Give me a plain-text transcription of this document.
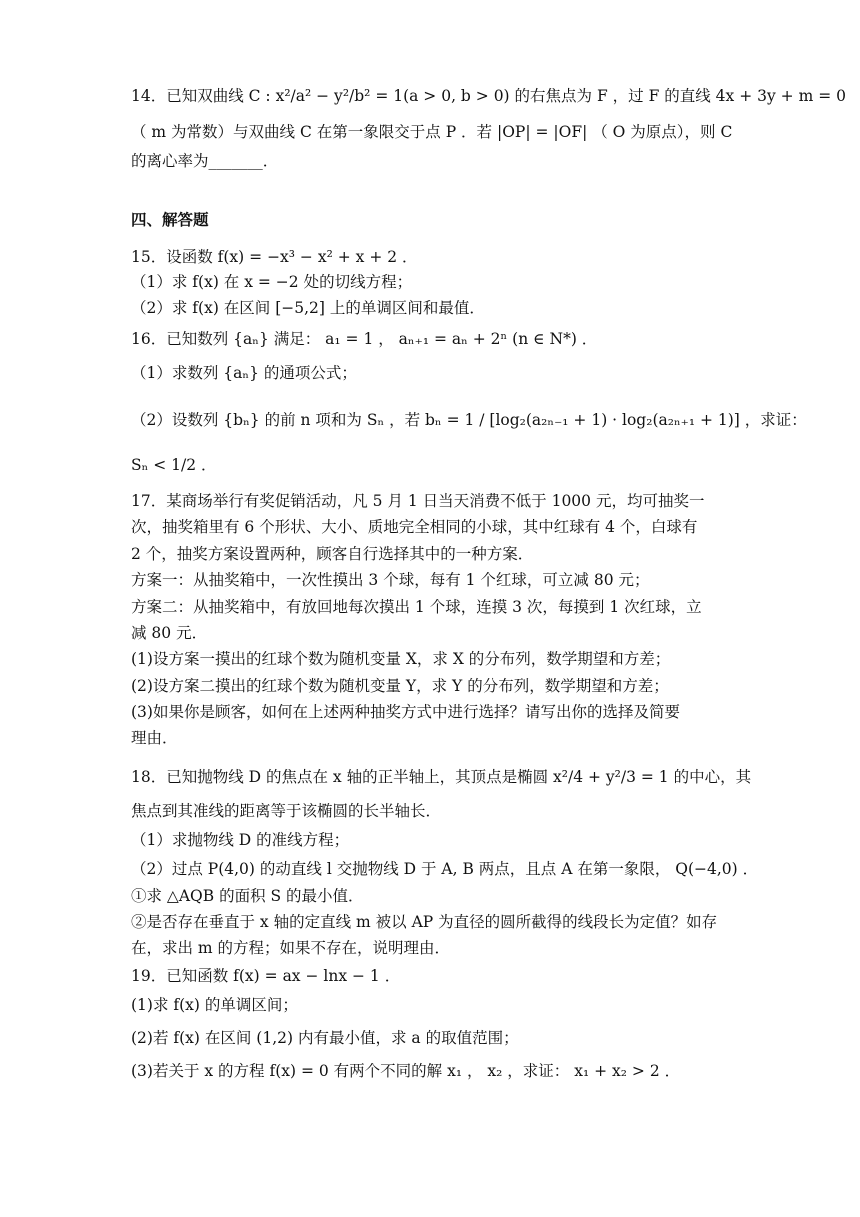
14．已知双曲线 C : x²/a² − y²/b² = 1(a > 0, b > 0) 的右焦点为 F ，过 F 的直线 4x + 3y + m = 0
（ m 为常数）与双曲线 C 在第一象限交于点 P ．若 |OP| = |OF| （ O 为原点），则 C
的离心率为_______．
四、解答题
15．设函数 f(x) = −x³ − x² + x + 2 ．
（1）求 f(x) 在 x = −2 处的切线方程；
（2）求 f(x) 在区间 [−5,2] 上的单调区间和最值．
16．已知数列 {aₙ} 满足： a₁ = 1 ， aₙ₊₁ = aₙ + 2ⁿ (n ∈ N*) ．
（1）求数列 {aₙ} 的通项公式；
（2）设数列 {bₙ} 的前 n 项和为 Sₙ ，若 bₙ = 1 / [log₂(a₂ₙ₋₁ + 1) · log₂(a₂ₙ₊₁ + 1)] ，求证：
Sₙ < 1/2 ．
17．某商场举行有奖促销活动，凡 5 月 1 日当天消费不低于 1000 元，均可抽奖一
次，抽奖箱里有 6 个形状、大小、质地完全相同的小球，其中红球有 4 个，白球有
2 个，抽奖方案设置两种，顾客自行选择其中的一种方案．
方案一：从抽奖箱中，一次性摸出 3 个球，每有 1 个红球，可立减 80 元；
方案二：从抽奖箱中，有放回地每次摸出 1 个球，连摸 3 次，每摸到 1 次红球，立
减 80 元．
(1)设方案一摸出的红球个数为随机变量 X，求 X 的分布列，数学期望和方差；
(2)设方案二摸出的红球个数为随机变量 Y，求 Y 的分布列，数学期望和方差；
(3)如果你是顾客，如何在上述两种抽奖方式中进行选择？请写出你的选择及简要
理由．
18．已知抛物线 D 的焦点在 x 轴的正半轴上，其顶点是椭圆 x²/4 + y²/3 = 1 的中心，其
焦点到其准线的距离等于该椭圆的长半轴长．
（1）求抛物线 D 的准线方程；
（2）过点 P(4,0) 的动直线 l 交抛物线 D 于 A, B 两点，且点 A 在第一象限， Q(−4,0) ．
①求 △AQB 的面积 S 的最小值．
②是否存在垂直于 x 轴的定直线 m 被以 AP 为直径的圆所截得的线段长为定值？如存
在，求出 m 的方程；如果不存在，说明理由．
19．已知函数 f(x) = ax − lnx − 1 ．
(1)求 f(x) 的单调区间；
(2)若 f(x) 在区间 (1,2) 内有最小值，求 a 的取值范围；
(3)若关于 x 的方程 f(x) = 0 有两个不同的解 x₁ ， x₂ ，求证： x₁ + x₂ > 2 ．
